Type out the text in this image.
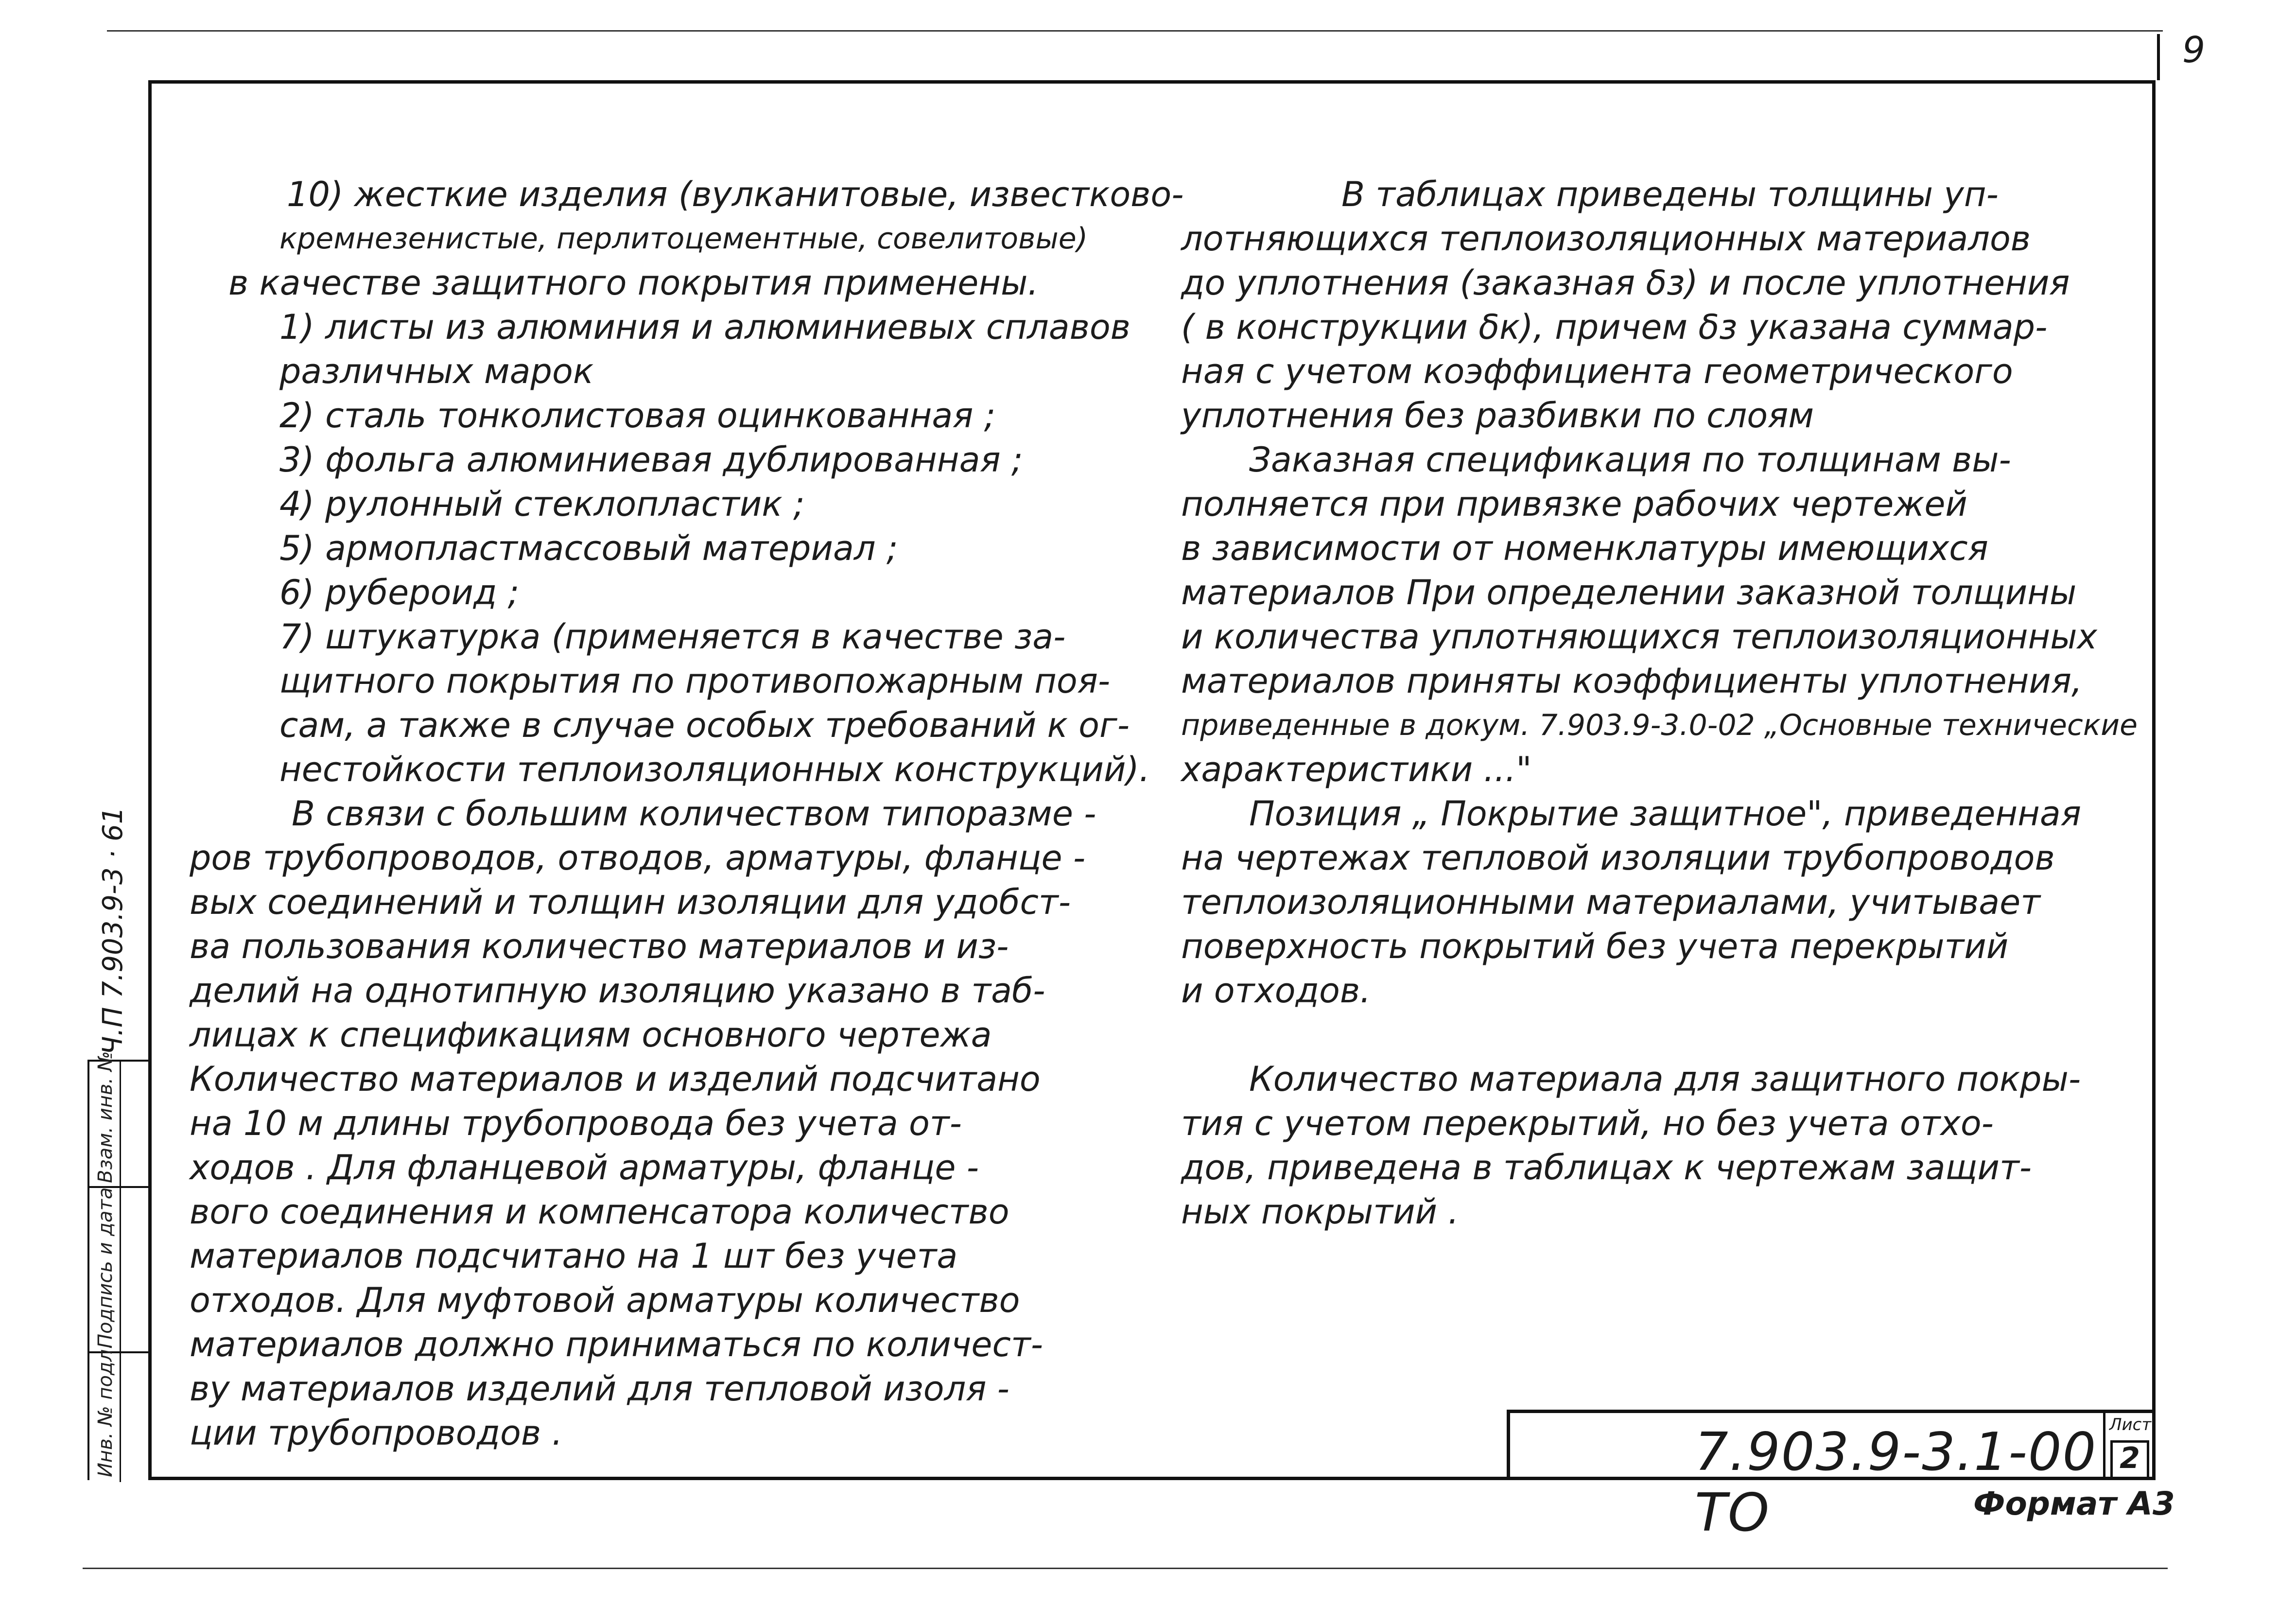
9
10) жесткие изделия (вулканитовые, известково-
кремнезенистые, перлитоцементные, совелитовые)
в качестве защитного покрытия применены.
1) листы из алюминия и алюминиевых сплавов
различных марок
2) сталь тонколистовая оцинкованная ;
3) фольга алюминиевая дублированная ;
4) рулонный стеклопластик ;
5) армопластмассовый материал ;
6) рубероид ;
7) штукатурка (применяется в качестве за-
щитного покрытия по противопожарным поя-
сам, а также в случае особых требований к ог-
нестойкости теплоизоляционных конструкций).
В связи с большим количеством типоразме -
ров трубопроводов, отводов, арматуры, фланце -
вых соединений и толщин изоляции для удобст-
ва пользования количество материалов и из-
делий на однотипную изоляцию указано в таб-
лицах к спецификациям основного чертежа
Количество материалов и изделий подсчитано
на 10 м длины трубопровода без учета от-
ходов . Для фланцевой арматуры, фланце -
вого соединения и компенсатора количество
материалов подсчитано на 1 шт без учета
отходов. Для муфтовой арматуры количество
материалов должно приниматься по количест-
ву материалов изделий для тепловой изоля -
ции трубопроводов .
В таблицах приведены толщины уп-
лотняющихся теплоизоляционных материалов
до уплотнения (заказная δз) и после уплотнения
( в конструкции δк), причем δз указана суммар-
ная с учетом коэффициента геометрического
уплотнения без разбивки по слоям
Заказная спецификация по толщинам вы-
полняется при привязке рабочих чертежей
в зависимости от номенклатуры имеющихся
материалов При определении заказной толщины
и количества уплотняющихся теплоизоляционных
материалов приняты коэффициенты уплотнения,
приведенные в докум. 7.903.9-3.0-02 „Основные технические
характеристики ..."
Позиция „ Покрытие защитное", приведенная
на чертежах тепловой изоляции трубопроводов
теплоизоляционными материалами, учитывает
поверхность покрытий без учета перекрытий
и отходов.
Количество материала для защитного покры-
тия с учетом перекрытий, но без учета отхо-
дов, приведена в таблицах к чертежам защит-
ных покрытий .
Ч.П 7.903.9-3 · 61
Взам. инв. №
Подпись и дата
Инв. № подл.	7.903.9-3.1-00 ТО
Лист
2
Формат А3
